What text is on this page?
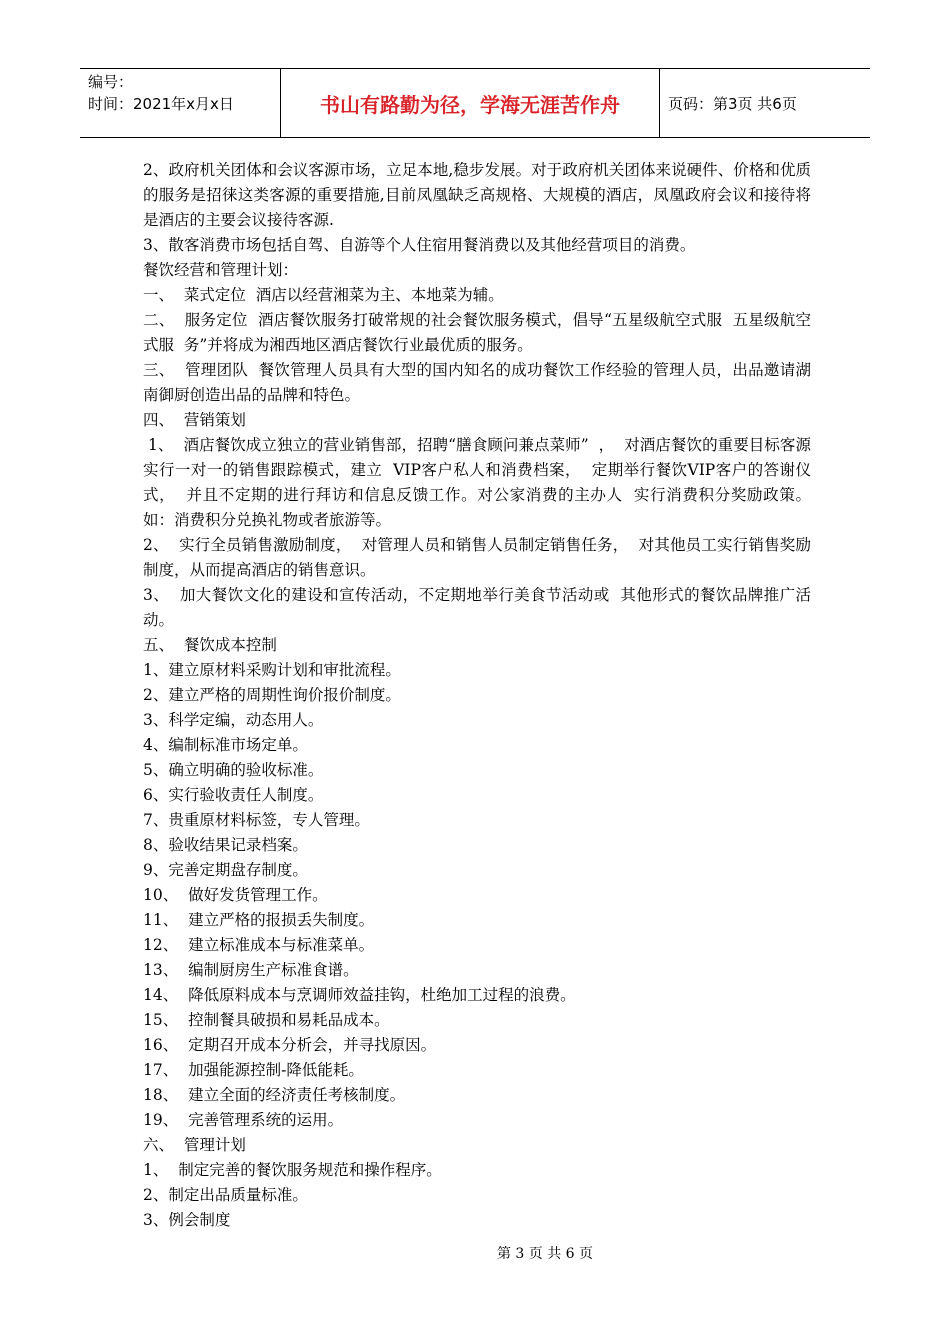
编号：
时间：2021年x月x日	书山有路勤为径，学海无涯苦作舟	页码：第3页 共6页

2、政府机关团体和会议客源市场，立足本地,稳步发展。对于政府机关团体来说硬件、价格和优质的服务是招徕这类客源的重要措施,目前凤凰缺乏高规格、大规模的酒店，凤凰政府会议和接待将是酒店的主要会议接待客源.

3、散客消费市场包括自驾、自游等个人住宿用餐消费以及其他经营项目的消费。

餐饮经营和管理计划：

一、  菜式定位  酒店以经营湘菜为主、本地菜为辅。

二、  服务定位  酒店餐饮服务打破常规的社会餐饮服务模式，倡导“五星级航空式服  五星级航空式服  务”并将成为湘西地区酒店餐饮行业最优质的服务。

三、  管理团队  餐饮管理人员具有大型的国内知名的成功餐饮工作经验的管理人员，出品邀请湖南御厨创造出品的品牌和特色。

四、  营销策划

1、  酒店餐饮成立独立的营业销售部，招聘“膳食顾问兼点菜师”  ，  对酒店餐饮的重要目标客源实行一对一的销售跟踪模式，建立  VIP客户私人和消费档案，  定期举行餐饮VIP客户的答谢仪式，  并且不定期的进行拜访和信息反馈工作。对公家消费的主办人  实行消费积分奖励政策。如：消费积分兑换礼物或者旅游等。

2、  实行全员销售激励制度，  对管理人员和销售人员制定销售任务，  对其他员工实行销售奖励制度，从而提高酒店的销售意识。

3、  加大餐饮文化的建设和宣传活动，不定期地举行美食节活动或  其他形式的餐饮品牌推广活动。

五、  餐饮成本控制

1、建立原材料采购计划和审批流程。

2、建立严格的周期性询价报价制度。

3、科学定编，动态用人。

4、编制标准市场定单。

5、确立明确的验收标准。

6、实行验收责任人制度。

7、贵重原材料标签，专人管理。

8、验收结果记录档案。

9、完善定期盘存制度。

10、  做好发货管理工作。

11、  建立严格的报损丢失制度。

12、  建立标准成本与标准菜单。

13、  编制厨房生产标准食谱。

14、  降低原料成本与烹调师效益挂钩，杜绝加工过程的浪费。

15、  控制餐具破损和易耗品成本。

16、  定期召开成本分析会，并寻找原因。

17、  加强能源控制-降低能耗。

18、  建立全面的经济责任考核制度。

19、  完善管理系统的运用。

六、  管理计划

1、  制定完善的餐饮服务规范和操作程序。

2、制定出品质量标准。

3、例会制度

第 3 页 共 6 页
